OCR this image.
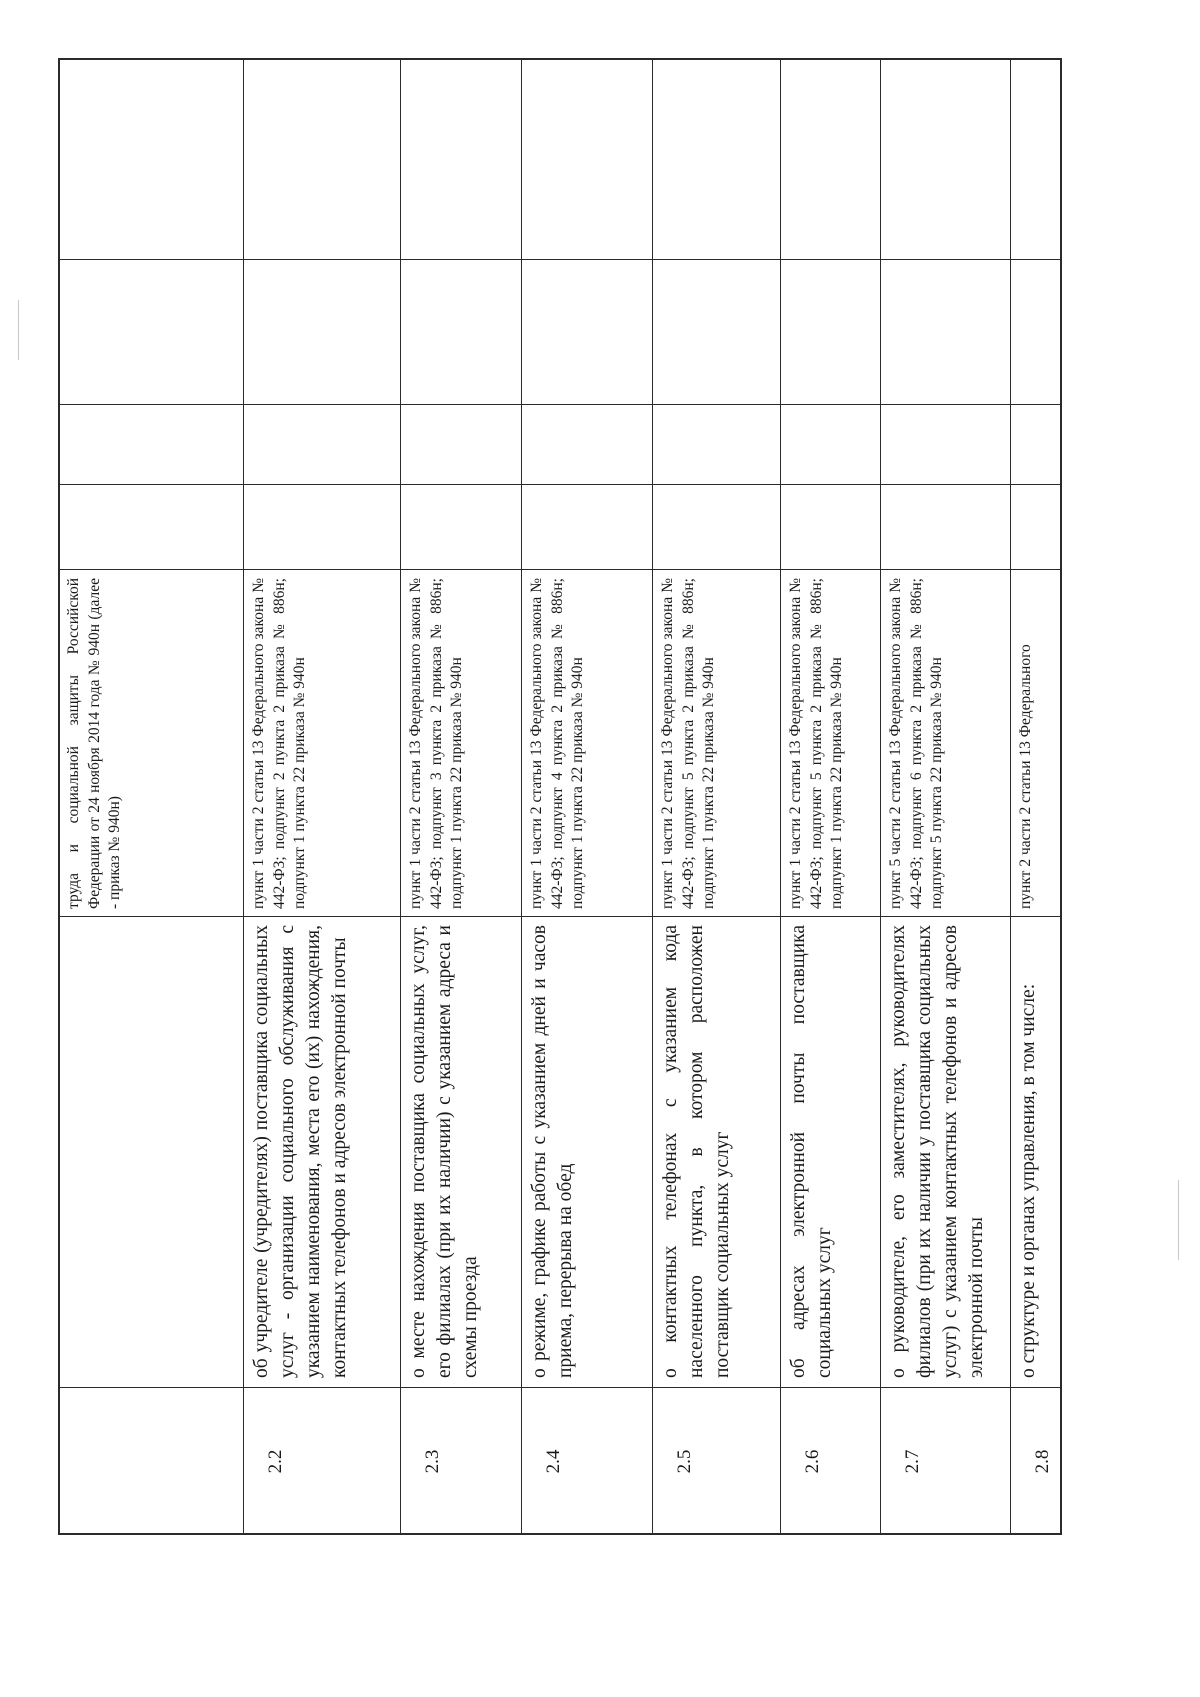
труда и социальной защиты Российской Федерации от 24 ноября 2014 года № 940н (далее - приказ № 940н)
2.2
об учредителе (учредителях) поставщика социальных услуг - организации социального обслуживания с указанием наименования, места его (их) нахождения, контактных телефонов и адресов электронной почты
пункт 1 части 2 статьи 13 Федерального закона № 442-ФЗ; подпункт 2 пункта 2 приказа № 886н; подпункт 1 пункта 22 приказа № 940н
2.3
о месте нахождения поставщика социальных услуг, его филиалах (при их наличии) с указанием адреса и схемы проезда
пункт 1 части 2 статьи 13 Федерального закона № 442-ФЗ; подпункт 3 пункта 2 приказа № 886н; подпункт 1 пункта 22 приказа № 940н
2.4
о режиме, графике работы с указанием дней и часов приема, перерыва на обед
пункт 1 части 2 статьи 13 Федерального закона № 442-ФЗ; подпункт 4 пункта 2 приказа № 886н; подпункт 1 пункта 22 приказа № 940н
2.5
о контактных телефонах с указанием кода населенного пункта, в котором расположен поставщик социальных услуг
пункт 1 части 2 статьи 13 Федерального закона № 442-ФЗ; подпункт 5 пункта 2 приказа № 886н; подпункт 1 пункта 22 приказа № 940н
2.6
об адресах электронной почты поставщика социальных услуг
пункт 1 части 2 статьи 13 Федерального закона № 442-ФЗ; подпункт 5 пункта 2 приказа № 886н; подпункт 1 пункта 22 приказа № 940н
2.7
о руководителе, его заместителях, руководителях филиалов (при их наличии у поставщика социальных услуг) с указанием контактных телефонов и адресов электронной почты
пункт 5 части 2 статьи 13 Федерального закона № 442-ФЗ; подпункт 6 пункта 2 приказа № 886н; подпункт 5 пункта 22 приказа № 940н
2.8
о структуре и органах управления, в том числе:
пункт 2 части 2 статьи 13 Федерального
